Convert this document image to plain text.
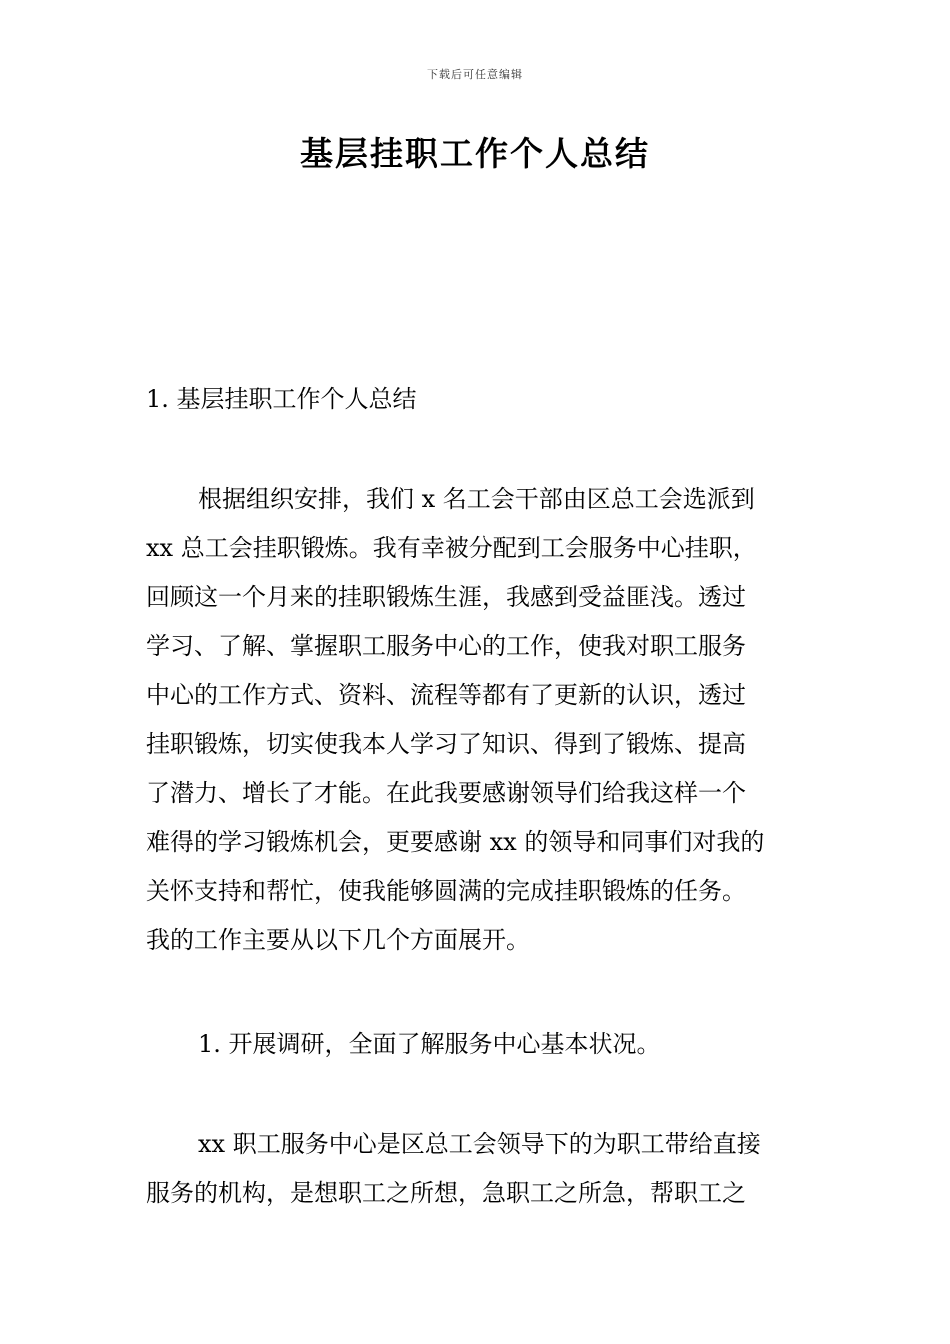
下载后可任意编辑
基层挂职工作个人总结
1. 基层挂职工作个人总结
根据组织安排，我们 x 名工会干部由区总工会选派到
xx 总工会挂职锻炼。我有幸被分配到工会服务中心挂职，
回顾这一个月来的挂职锻炼生涯，我感到受益匪浅。透过
学习、了解、掌握职工服务中心的工作，使我对职工服务
中心的工作方式、资料、流程等都有了更新的认识，透过
挂职锻炼，切实使我本人学习了知识、得到了锻炼、提高
了潜力、增长了才能。在此我要感谢领导们给我这样一个
难得的学习锻炼机会，更要感谢 xx 的领导和同事们对我的
关怀支持和帮忙，使我能够圆满的完成挂职锻炼的任务。
我的工作主要从以下几个方面展开。
1. 开展调研，全面了解服务中心基本状况。
xx 职工服务中心是区总工会领导下的为职工带给直接
服务的机构，是想职工之所想，急职工之所急，帮职工之
